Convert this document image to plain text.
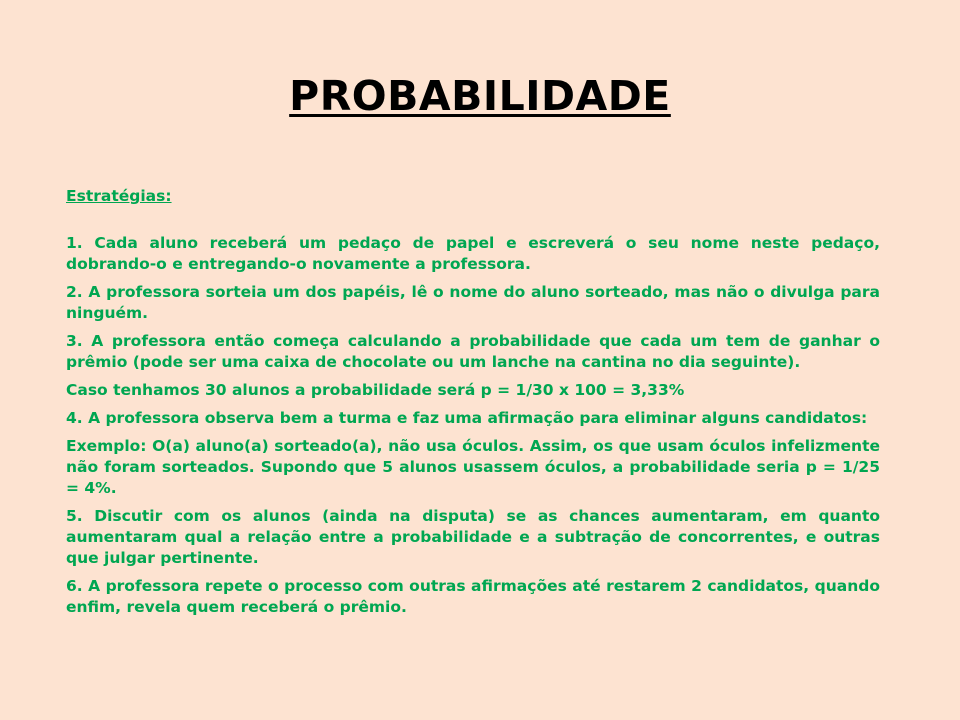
PROBABILIDADE

Estratégias:

1. Cada aluno receberá um pedaço de papel e escreverá o seu nome neste pedaço, dobrando-o e entregando-o novamente a professora.

2. A professora sorteia um dos papéis, lê o nome do aluno sorteado, mas não o divulga para ninguém.

3. A professora então começa calculando a probabilidade que cada um tem de ganhar o prêmio (pode ser uma caixa de chocolate ou um lanche na cantina no dia seguinte).

Caso tenhamos 30 alunos a probabilidade será p = 1/30 x 100 = 3,33%

4. A professora observa bem a turma e faz uma afirmação para eliminar alguns candidatos:

Exemplo: O(a) aluno(a) sorteado(a), não usa óculos. Assim, os que usam óculos infelizmente não foram sorteados. Supondo que 5 alunos usassem óculos, a probabilidade seria p = 1/25 = 4%.

5. Discutir com os alunos (ainda na disputa) se as chances aumentaram, em quanto aumentaram qual a relação entre a probabilidade e a subtração de concorrentes, e outras que julgar pertinente.

6. A professora repete o processo com outras afirmações até restarem 2 candidatos, quando enfim, revela quem receberá o prêmio.
